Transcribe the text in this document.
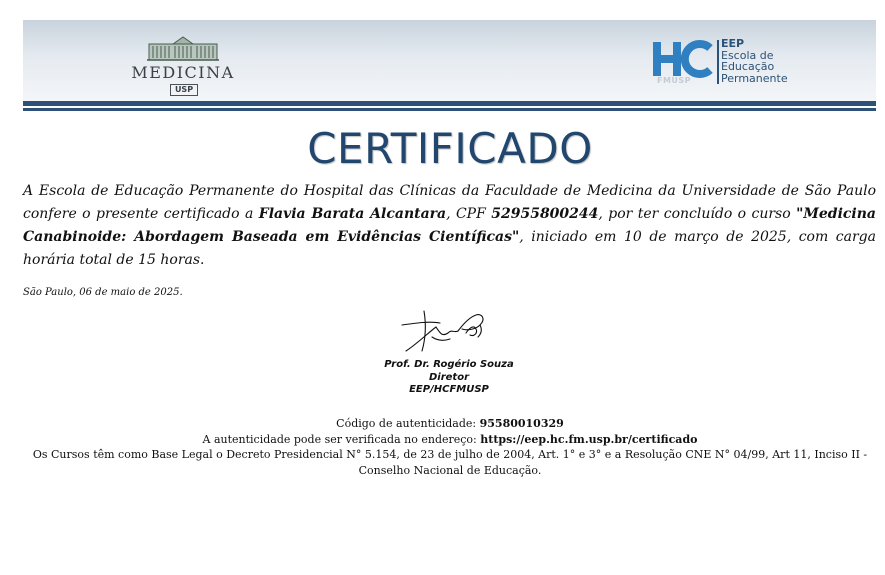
MEDICINA
USP
FMUSP
EEP
Escola de
Educação
Permanente
CERTIFICADO
A Escola de Educação Permanente do Hospital das Clínicas da Faculdade de Medicina da Universidade de São Paulo confere o presente certificado a Flavia Barata Alcantara, CPF 52955800244, por ter concluído o curso "Medicina Canabinoide: Abordagem Baseada em Evidências Científicas", iniciado em 10 de março de 2025, com carga horária total de 15 horas.
São Paulo, 06 de maio de 2025.
Prof. Dr. Rogério Souza
Diretor
EEP/HCFMUSP
Código de autenticidade: 95580010329
A autenticidade pode ser verificada no endereço: https://eep.hc.fm.usp.br/certificado
Os Cursos têm como Base Legal o Decreto Presidencial N° 5.154, de 23 de julho de 2004, Art. 1° e 3° e a Resolução CNE N° 04/99, Art 11, Inciso II -
Conselho Nacional de Educação.
